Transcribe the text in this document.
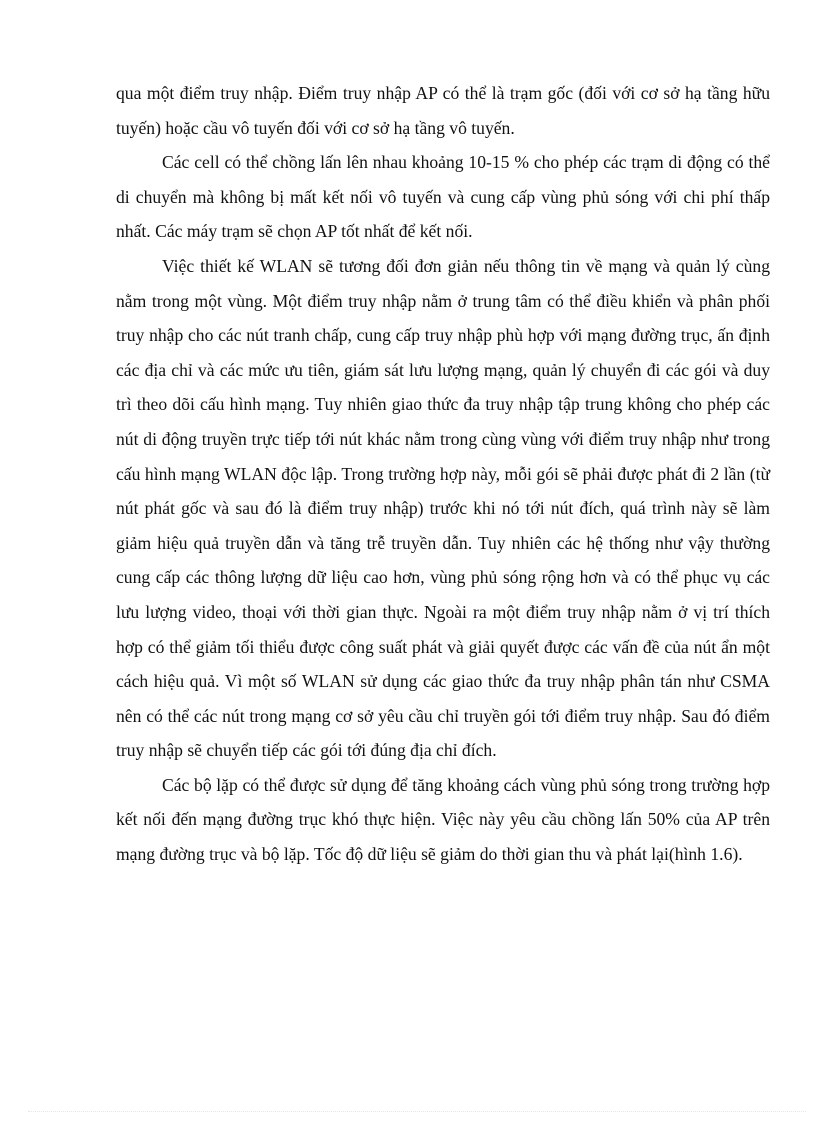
qua một điểm truy nhập. Điểm truy nhập AP có thể là trạm gốc (đối với cơ sở hạ tầng hữu tuyến) hoặc cầu vô tuyến đối với cơ sở hạ tầng vô tuyến.

Các cell có thể chồng lấn lên nhau khoảng 10-15 % cho phép các trạm di động có thể di chuyển mà không bị mất kết nối vô tuyến và cung cấp vùng phủ sóng với chi phí thấp nhất. Các máy trạm sẽ chọn AP tốt nhất để kết nối.

Việc thiết kế WLAN sẽ tương đối đơn giản nếu thông tin về mạng và quản lý cùng nằm trong một vùng. Một điểm truy nhập nằm ở trung tâm có thể điều khiển và phân phối truy nhập cho các nút tranh chấp, cung cấp truy nhập phù hợp với mạng đường trục, ấn định các địa chỉ và các mức ưu tiên, giám sát lưu lượng mạng, quản lý chuyển đi các gói và duy trì theo dõi cấu hình mạng. Tuy nhiên giao thức đa truy nhập tập trung không cho phép các nút di động truyền trực tiếp tới nút khác nằm trong cùng vùng với điểm truy nhập như trong cấu hình mạng WLAN độc lập. Trong trường hợp này, mỗi gói sẽ phải được phát đi 2 lần (từ nút phát gốc và sau đó là điểm truy nhập) trước khi nó tới nút đích, quá trình này sẽ làm giảm hiệu quả truyền dẫn và tăng trễ truyền dẫn. Tuy nhiên các hệ thống như vậy thường cung cấp các thông lượng dữ liệu cao hơn, vùng phủ sóng rộng hơn và có thể phục vụ các lưu lượng video, thoại với thời gian thực. Ngoài ra một điểm truy nhập nằm ở vị trí thích hợp có thể giảm tối thiểu được công suất phát và giải quyết được các vấn đề của nút ẩn một cách hiệu quả. Vì một số WLAN sử dụng các giao thức đa truy nhập phân tán như CSMA nên có thể các nút trong mạng cơ sở yêu cầu chỉ truyền gói tới điểm truy nhập. Sau đó điểm truy nhập sẽ chuyển tiếp các gói tới đúng địa chỉ đích.

Các bộ lặp có thể được sử dụng để tăng khoảng cách vùng phủ sóng trong trường hợp kết nối đến mạng đường trục khó thực hiện. Việc này yêu cầu chồng lấn 50% của AP trên mạng đường trục và bộ lặp. Tốc độ dữ liệu sẽ giảm do thời gian thu và phát lại(hình 1.6).
